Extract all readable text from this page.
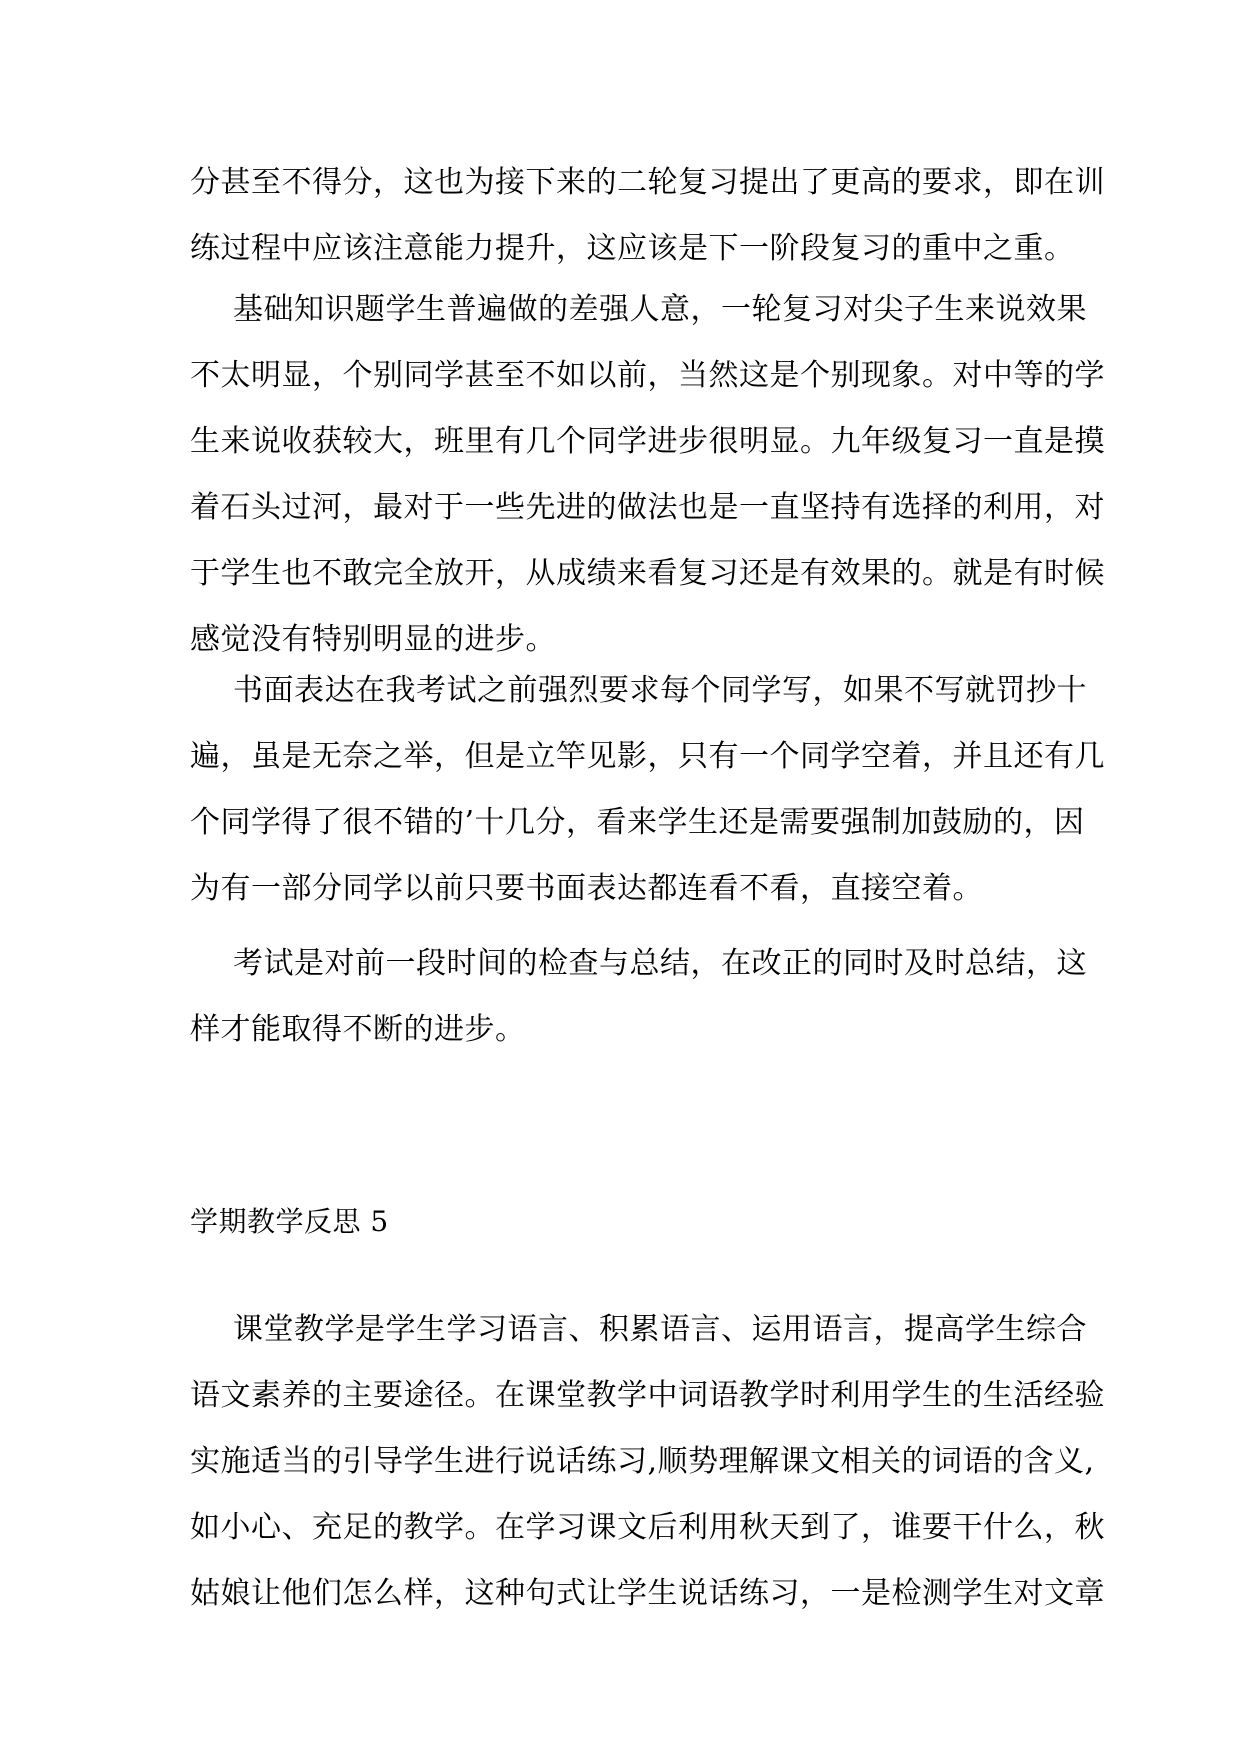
分甚至不得分，这也为接下来的二轮复习提出了更高的要求，即在训
练过程中应该注意能力提升，这应该是下一阶段复习的重中之重。
基础知识题学生普遍做的差强人意，一轮复习对尖子生来说效果
不太明显，个别同学甚至不如以前，当然这是个别现象。对中等的学
生来说收获较大，班里有几个同学进步很明显。九年级复习一直是摸
着石头过河，最对于一些先进的做法也是一直坚持有选择的利用，对
于学生也不敢完全放开，从成绩来看复习还是有效果的。就是有时候
感觉没有特别明显的进步。
书面表达在我考试之前强烈要求每个同学写，如果不写就罚抄十
遍，虽是无奈之举，但是立竿见影，只有一个同学空着，并且还有几
个同学得了很不错的’十几分，看来学生还是需要强制加鼓励的，因
为有一部分同学以前只要书面表达都连看不看，直接空着。
考试是对前一段时间的检查与总结，在改正的同时及时总结，这
样才能取得不断的进步。
学期教学反思 5
课堂教学是学生学习语言、积累语言、运用语言，提高学生综合
语文素养的主要途径。在课堂教学中词语教学时利用学生的生活经验
实施适当的引导学生进行说话练习,顺势理解课文相关的词语的含义,
如小心、充足的教学。在学习课文后利用秋天到了，谁要干什么，秋
姑娘让他们怎么样，这种句式让学生说话练习，一是检测学生对文章
